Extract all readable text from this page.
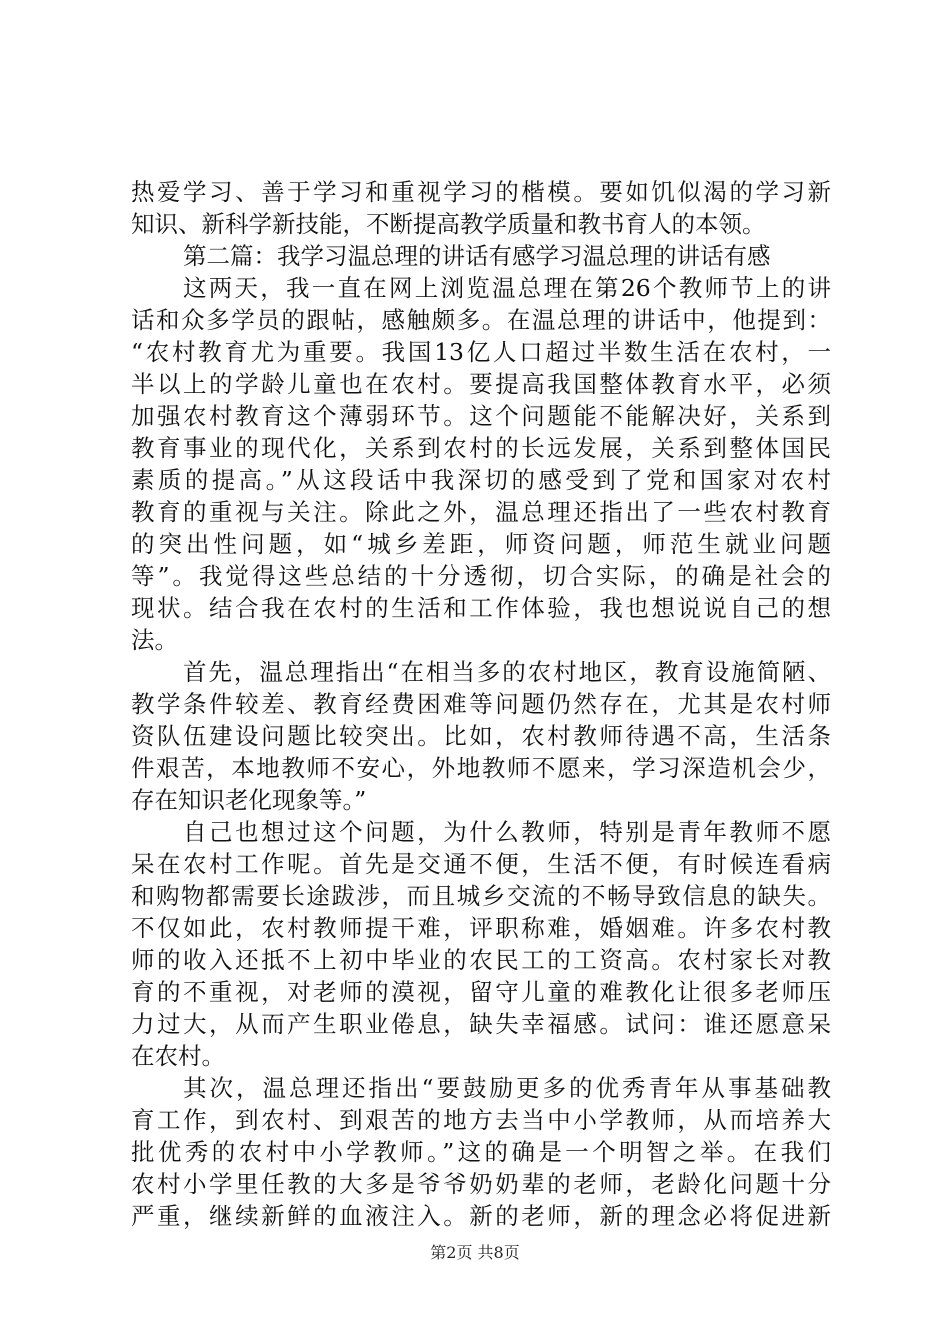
热爱学习、善于学习和重视学习的楷模。要如饥似渴的学习新
知识、新科学新技能，不断提高教学质量和教书育人的本领。
第二篇：我学习温总理的讲话有感学习温总理的讲话有感
这两天，我一直在网上浏览温总理在第26个教师节上的讲
话和众多学员的跟帖，感触颇多。在温总理的讲话中，他提到：
“农村教育尤为重要。我国13亿人口超过半数生活在农村，一
半以上的学龄儿童也在农村。要提高我国整体教育水平，必须
加强农村教育这个薄弱环节。这个问题能不能解决好，关系到
教育事业的现代化，关系到农村的长远发展，关系到整体国民
素质的提高。”从这段话中我深切的感受到了党和国家对农村
教育的重视与关注。除此之外，温总理还指出了一些农村教育
的突出性问题，如“城乡差距，师资问题，师范生就业问题
等”。我觉得这些总结的十分透彻，切合实际，的确是社会的
现状。结合我在农村的生活和工作体验，我也想说说自己的想
法。
首先，温总理指出“在相当多的农村地区，教育设施简陋、
教学条件较差、教育经费困难等问题仍然存在，尤其是农村师
资队伍建设问题比较突出。比如，农村教师待遇不高，生活条
件艰苦，本地教师不安心，外地教师不愿来，学习深造机会少，
存在知识老化现象等。”
自己也想过这个问题，为什么教师，特别是青年教师不愿
呆在农村工作呢。首先是交通不便，生活不便，有时候连看病
和购物都需要长途跋涉，而且城乡交流的不畅导致信息的缺失。
不仅如此，农村教师提干难，评职称难，婚姻难。许多农村教
师的收入还抵不上初中毕业的农民工的工资高。农村家长对教
育的不重视，对老师的漠视，留守儿童的难教化让很多老师压
力过大，从而产生职业倦息，缺失幸福感。试问：谁还愿意呆
在农村。
其次，温总理还指出“要鼓励更多的优秀青年从事基础教
育工作，到农村、到艰苦的地方去当中小学教师，从而培养大
批优秀的农村中小学教师。”这的确是一个明智之举。在我们
农村小学里任教的大多是爷爷奶奶辈的老师，老龄化问题十分
严重，继续新鲜的血液注入。新的老师，新的理念必将促进新
第2页 共8页
